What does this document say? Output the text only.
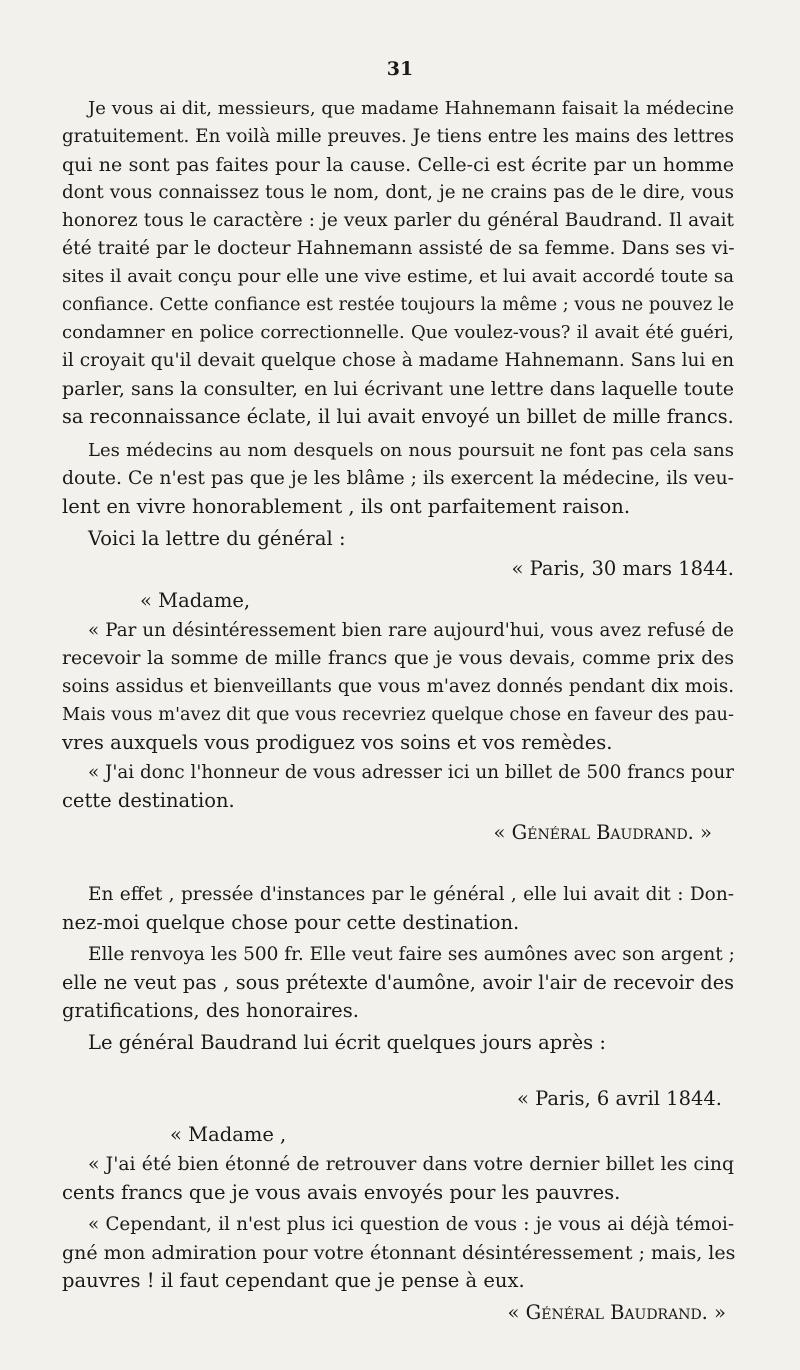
31
Je vous ai dit, messieurs, que madame Hahnemann faisait la médecine
gratuitement. En voilà mille preuves. Je tiens entre les mains des lettres
qui ne sont pas faites pour la cause. Celle-ci est écrite par un homme
dont vous connaissez tous le nom, dont, je ne crains pas de le dire, vous
honorez tous le caractère : je veux parler du général Baudrand. Il avait
été traité par le docteur Hahnemann assisté de sa femme. Dans ses vi-
sites il avait conçu pour elle une vive estime, et lui avait accordé toute sa
confiance. Cette confiance est restée toujours la même ; vous ne pouvez le
condamner en police correctionnelle. Que voulez-vous? il avait été guéri,
il croyait qu'il devait quelque chose à madame Hahnemann. Sans lui en
parler, sans la consulter, en lui écrivant une lettre dans laquelle toute
sa reconnaissance éclate, il lui avait envoyé un billet de mille francs.
Les médecins au nom desquels on nous poursuit ne font pas cela sans
doute. Ce n'est pas que je les blâme ; ils exercent la médecine, ils veu-
lent en vivre honorablement , ils ont parfaitement raison.
Voici la lettre du général :
« Paris, 30 mars 1844.
« Madame,
« Par un désintéressement bien rare aujourd'hui, vous avez refusé de
recevoir la somme de mille francs que je vous devais, comme prix des
soins assidus et bienveillants que vous m'avez donnés pendant dix mois.
Mais vous m'avez dit que vous recevriez quelque chose en faveur des pau-
vres auxquels vous prodiguez vos soins et vos remèdes.
« J'ai donc l'honneur de vous adresser ici un billet de 500 francs pour
cette destination.
« Général Baudrand. »
En effet , pressée d'instances par le général , elle lui avait dit : Don-
nez-moi quelque chose pour cette destination.
Elle renvoya les 500 fr. Elle veut faire ses aumônes avec son argent ;
elle ne veut pas , sous prétexte d'aumône, avoir l'air de recevoir des
gratifications, des honoraires.
Le général Baudrand lui écrit quelques jours après :
« Paris, 6 avril 1844.
« Madame ,
« J'ai été bien étonné de retrouver dans votre dernier billet les cinq
cents francs que je vous avais envoyés pour les pauvres.
« Cependant, il n'est plus ici question de vous : je vous ai déjà témoi-
gné mon admiration pour votre étonnant désintéressement ; mais, les
pauvres ! il faut cependant que je pense à eux.
« Général Baudrand. »
